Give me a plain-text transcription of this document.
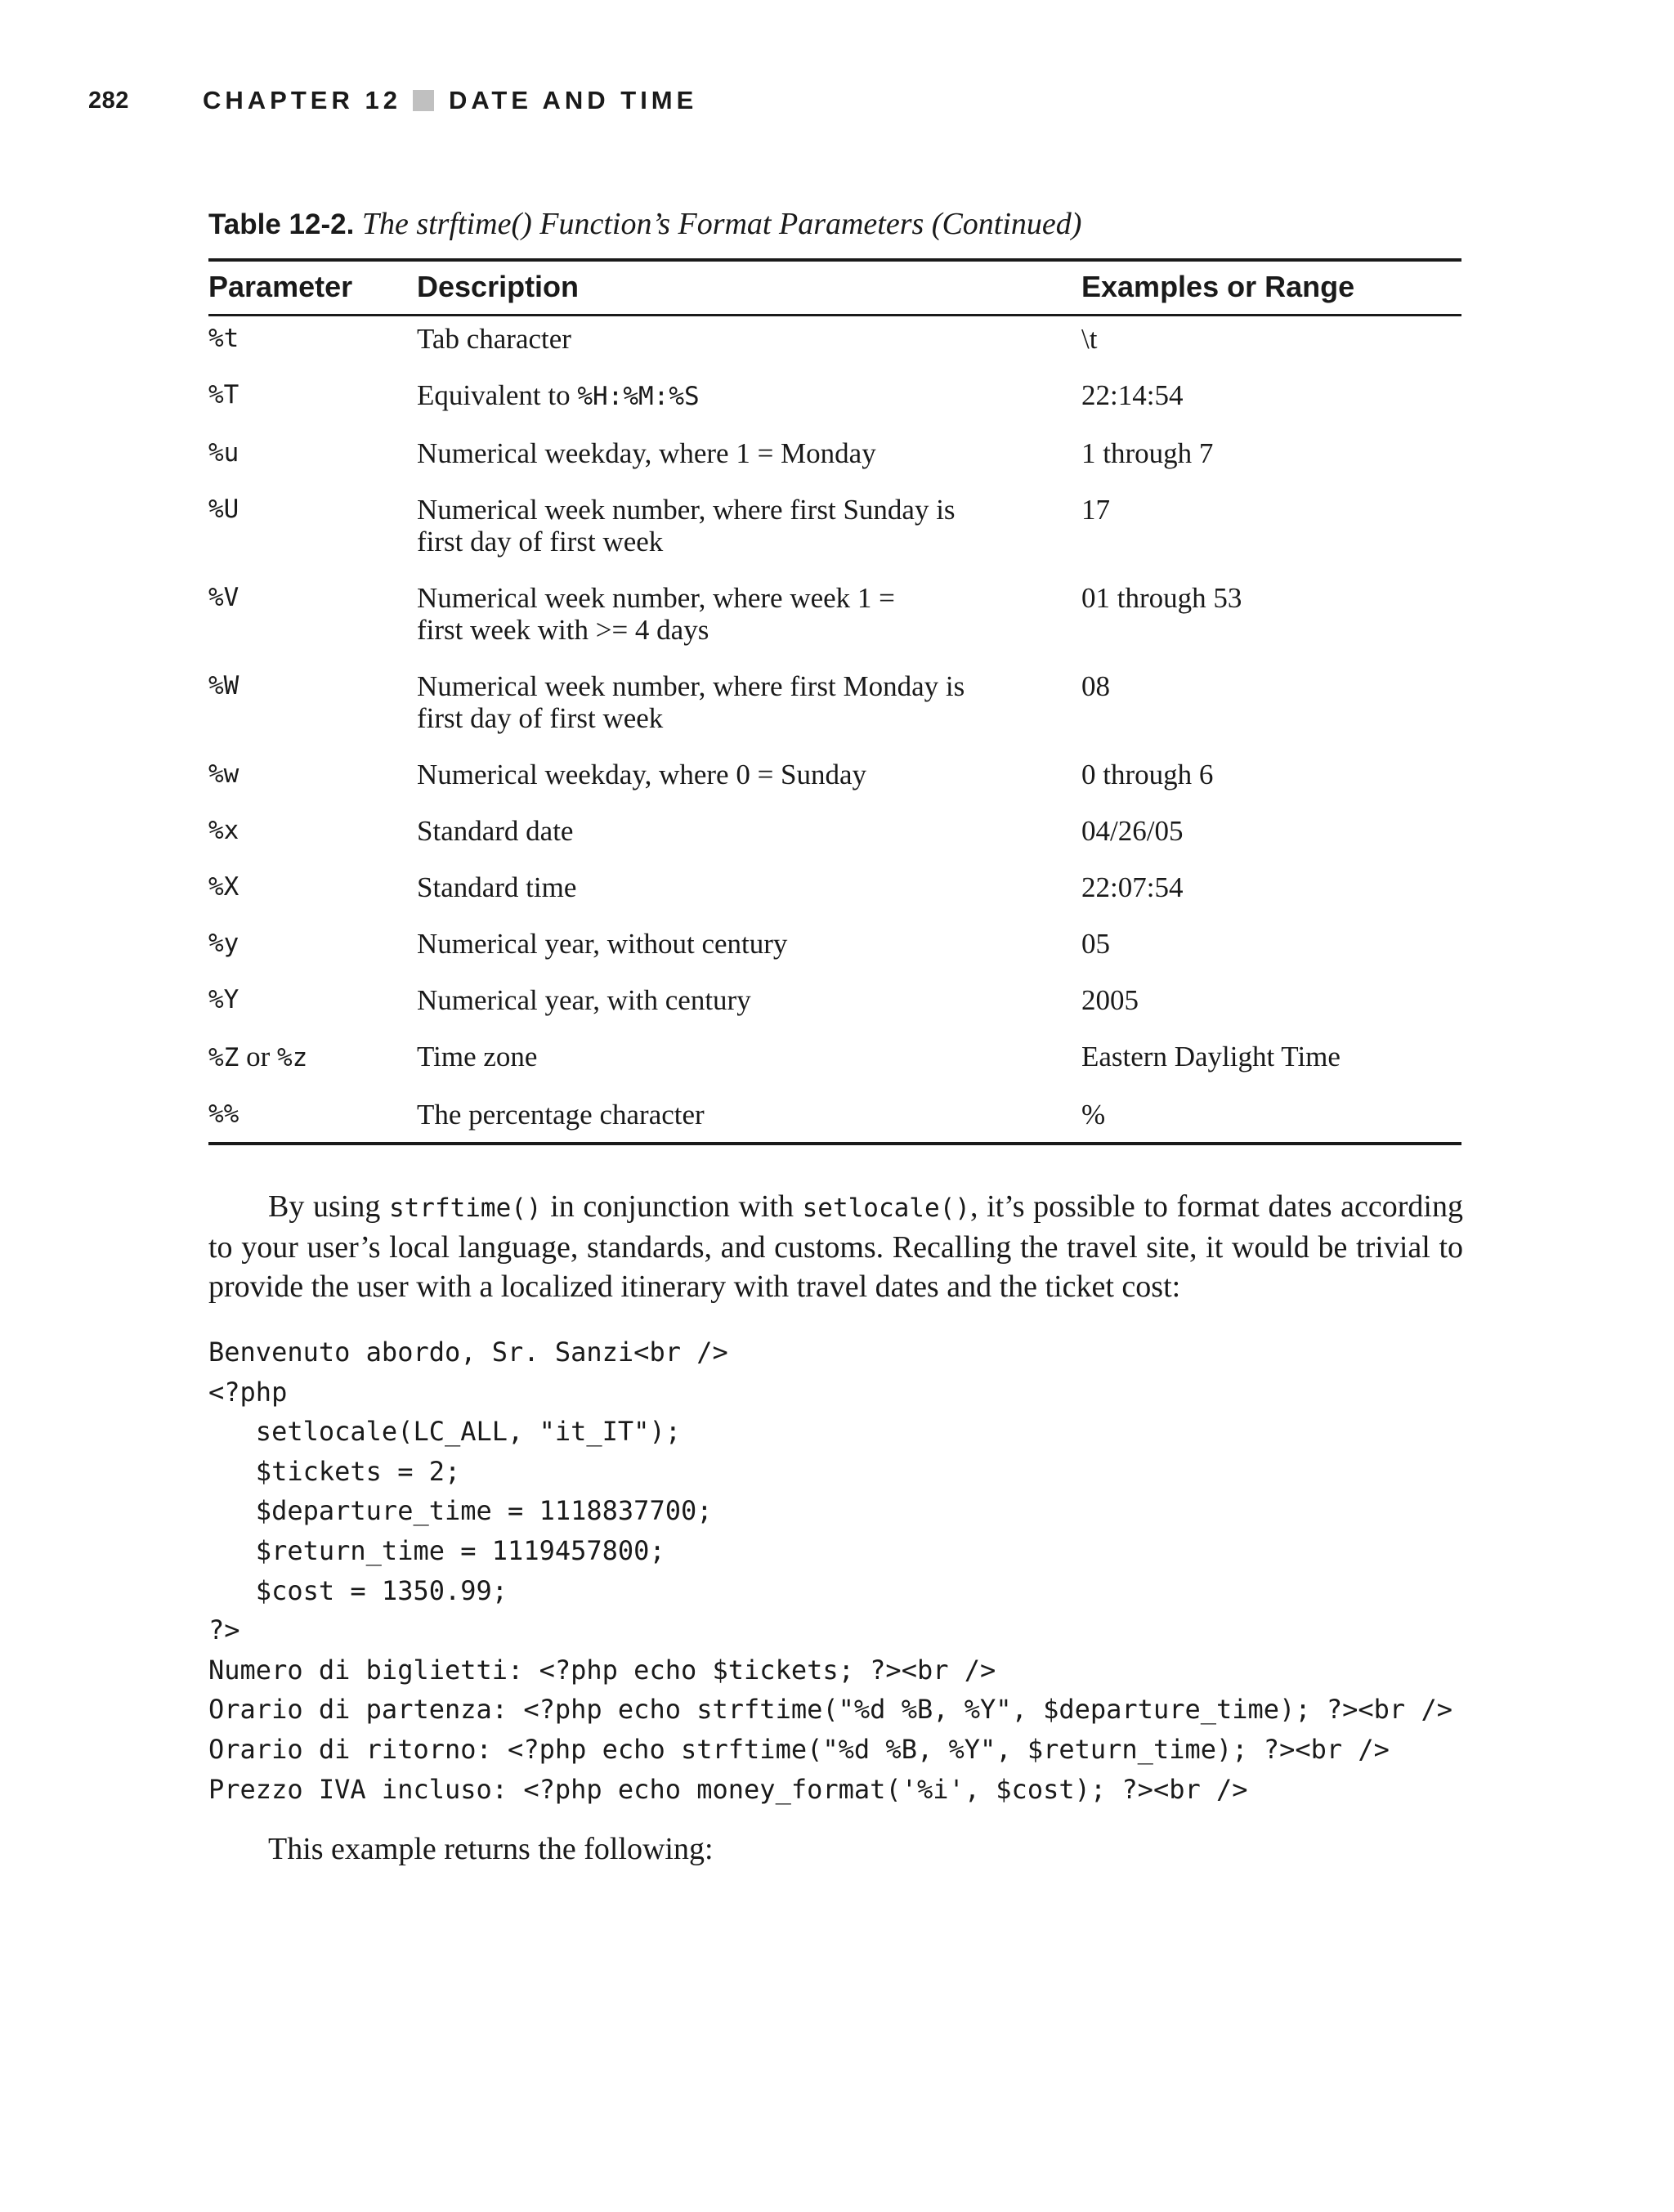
282	CHAPTER 12 DATE AND TIME
Table 12-2. The strftime() Function’s Format Parameters (Continued)
Parameter	Description	Examples or Range
%t	Tab character	\t
%T	Equivalent to %H:%M:%S	22:14:54
%u	Numerical weekday, where 1 = Monday	1 through 7
%U	Numerical week number, where first Sunday is
first day of first week	17
%V	Numerical week number, where week 1 =
first week with >= 4 days	01 through 53
%W	Numerical week number, where first Monday is
first day of first week	08
%w	Numerical weekday, where 0 = Sunday	0 through 6
%x	Standard date	04/26/05
%X	Standard time	22:07:54
%y	Numerical year, without century	05
%Y	Numerical year, with century	2005
%Z or %z	Time zone	Eastern Daylight Time
%%	The percentage character	%

By using strftime() in conjunction with setlocale(), it’s possible to format dates according to your user’s local language, standards, and customs. Recalling the travel site, it would be trivial to provide the user with a localized itinerary with travel dates and the ticket cost:

Benvenuto abordo, Sr. Sanzi<br />
<?php
setlocale(LC_ALL, "it_IT");
$tickets = 2;
$departure_time = 1118837700;
$return_time = 1119457800;
$cost = 1350.99;
?>
Numero di biglietti: <?php echo $tickets; ?><br />
Orario di partenza: <?php echo strftime("%d %B, %Y", $departure_time); ?><br />
Orario di ritorno: <?php echo strftime("%d %B, %Y", $return_time); ?><br />
Prezzo IVA incluso: <?php echo money_format('%i', $cost); ?><br />

This example returns the following:
